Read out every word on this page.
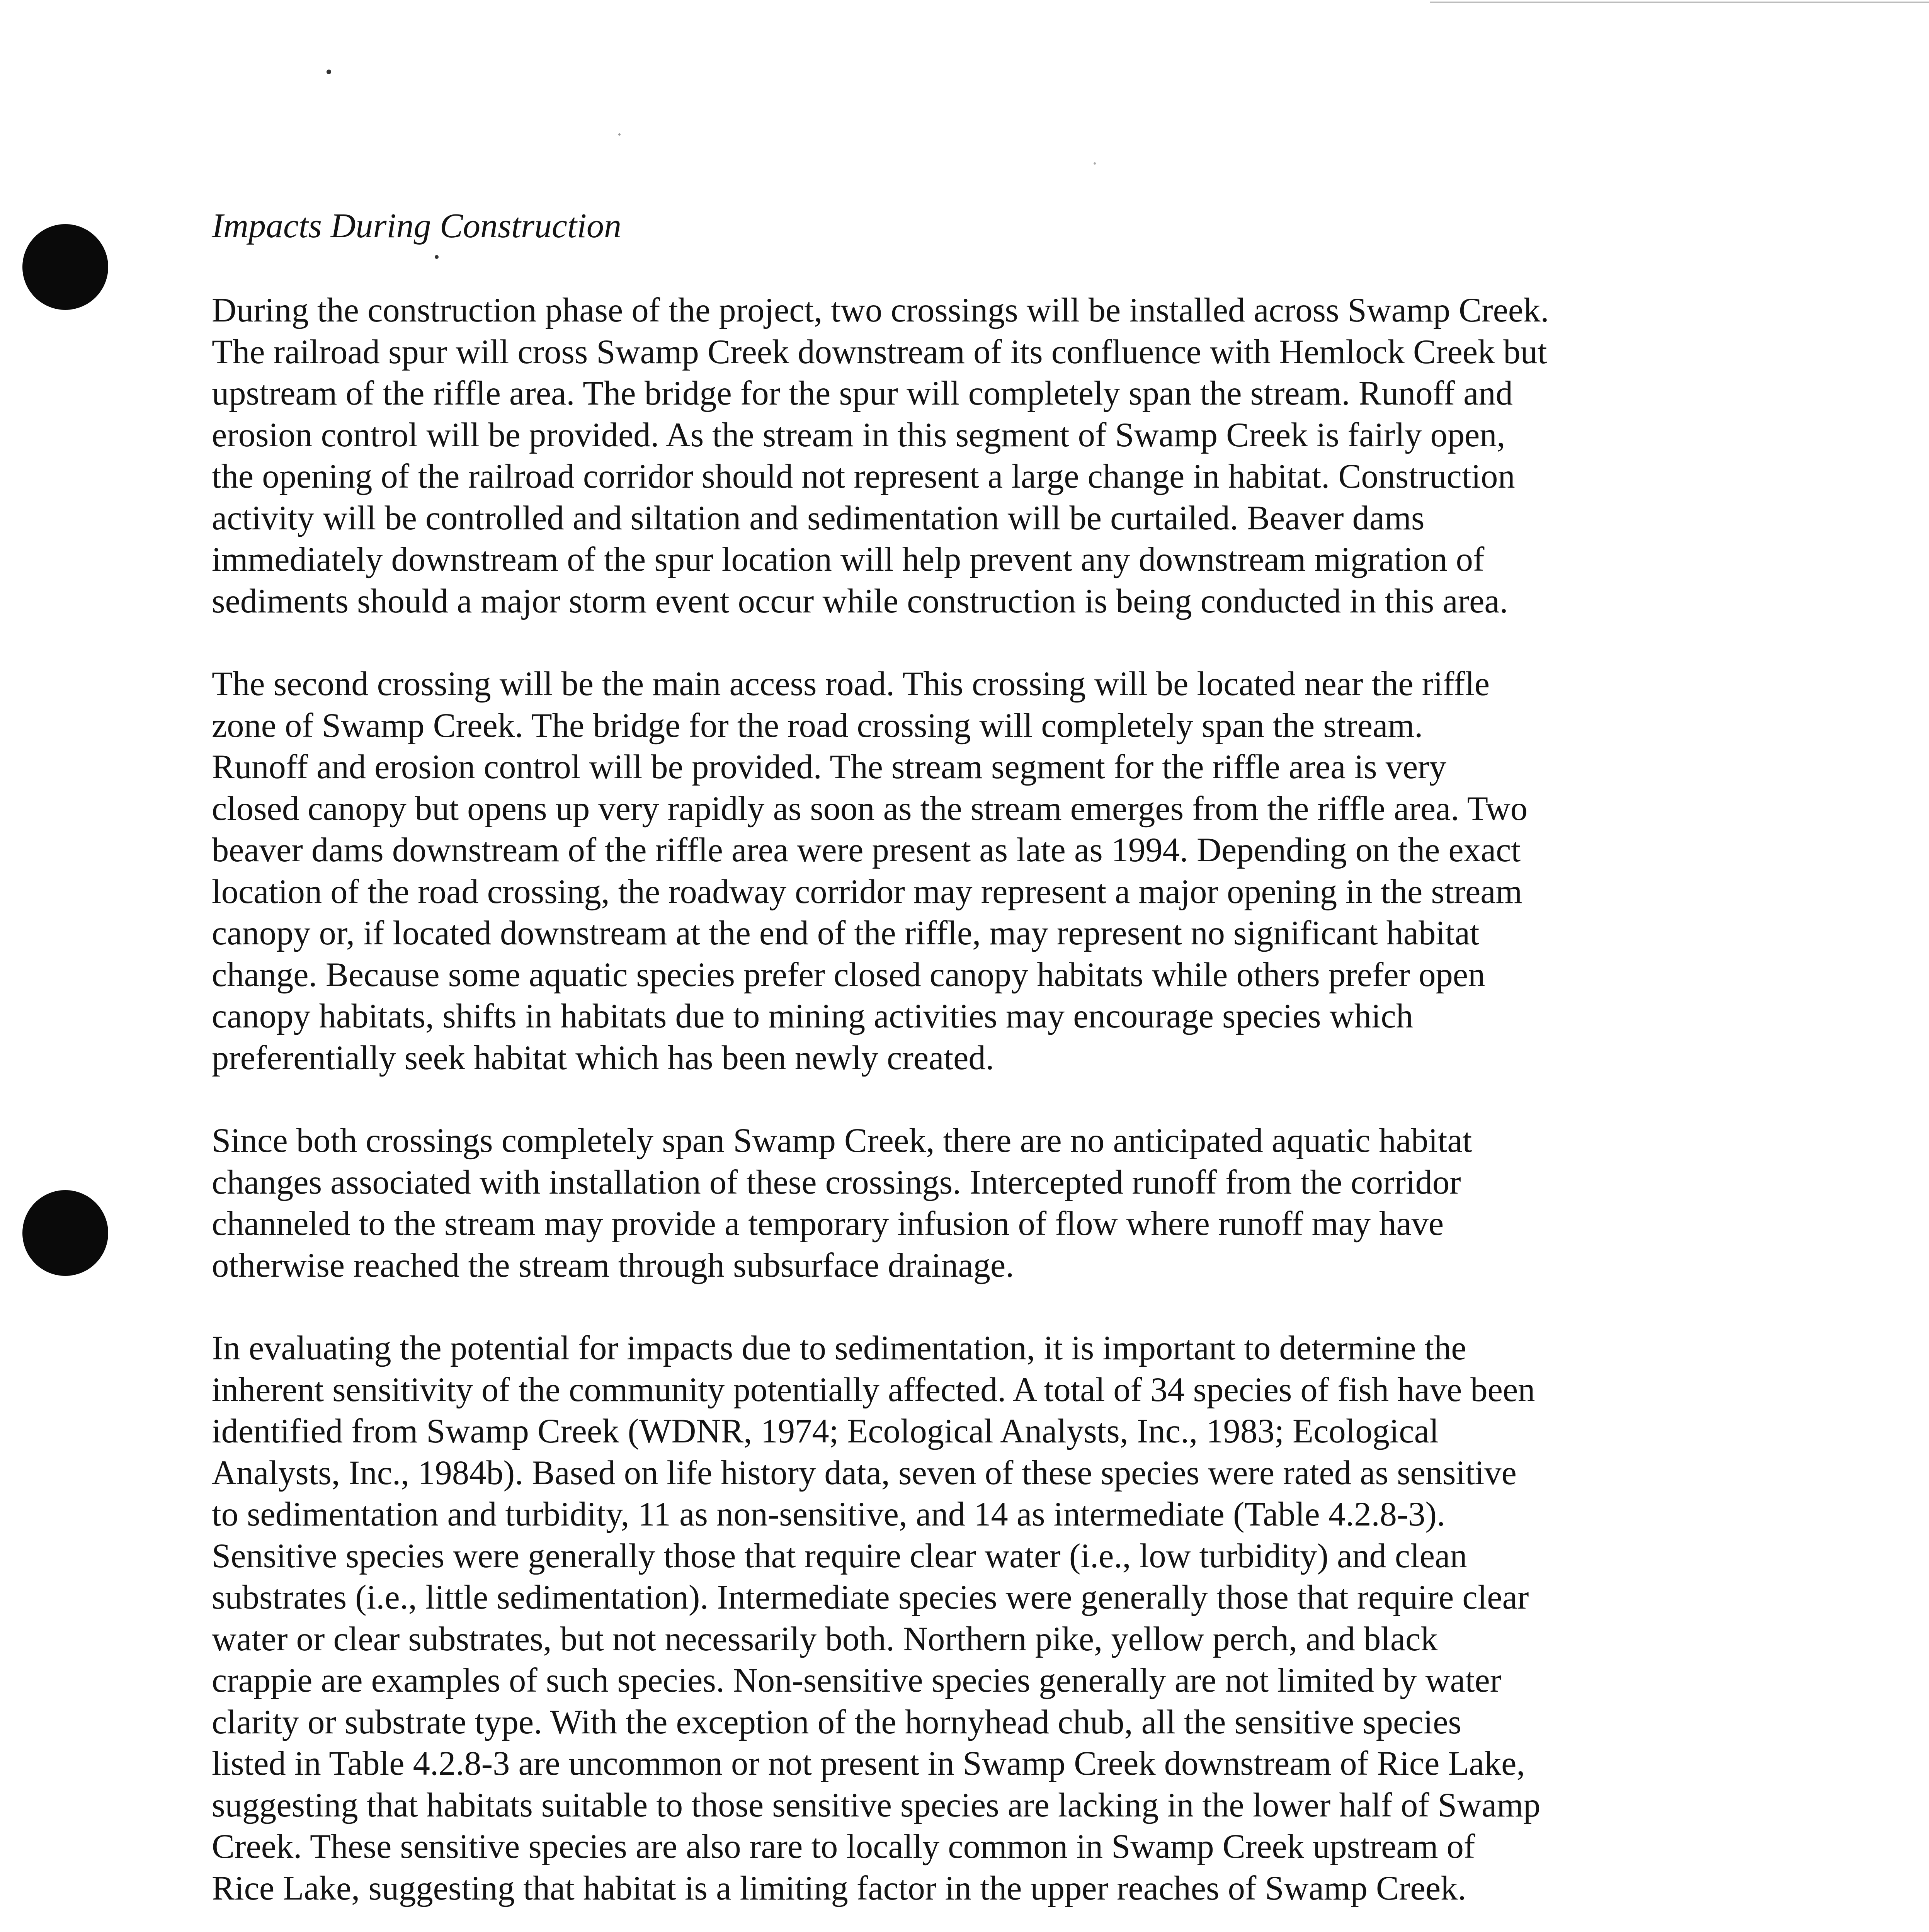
Impacts During Construction

During the construction phase of the project, two crossings will be installed across Swamp Creek.
The railroad spur will cross Swamp Creek downstream of its confluence with Hemlock Creek but
upstream of the riffle area. The bridge for the spur will completely span the stream. Runoff and
erosion control will be provided. As the stream in this segment of Swamp Creek is fairly open,
the opening of the railroad corridor should not represent a large change in habitat. Construction
activity will be controlled and siltation and sedimentation will be curtailed. Beaver dams
immediately downstream of the spur location will help prevent any downstream migration of
sediments should a major storm event occur while construction is being conducted in this area.

The second crossing will be the main access road. This crossing will be located near the riffle
zone of Swamp Creek. The bridge for the road crossing will completely span the stream.
Runoff and erosion control will be provided. The stream segment for the riffle area is very
closed canopy but opens up very rapidly as soon as the stream emerges from the riffle area. Two
beaver dams downstream of the riffle area were present as late as 1994. Depending on the exact
location of the road crossing, the roadway corridor may represent a major opening in the stream
canopy or, if located downstream at the end of the riffle, may represent no significant habitat
change. Because some aquatic species prefer closed canopy habitats while others prefer open
canopy habitats, shifts in habitats due to mining activities may encourage species which
preferentially seek habitat which has been newly created.

Since both crossings completely span Swamp Creek, there are no anticipated aquatic habitat
changes associated with installation of these crossings. Intercepted runoff from the corridor
channeled to the stream may provide a temporary infusion of flow where runoff may have
otherwise reached the stream through subsurface drainage.

In evaluating the potential for impacts due to sedimentation, it is important to determine the
inherent sensitivity of the community potentially affected. A total of 34 species of fish have been
identified from Swamp Creek (WDNR, 1974; Ecological Analysts, Inc., 1983; Ecological
Analysts, Inc., 1984b). Based on life history data, seven of these species were rated as sensitive
to sedimentation and turbidity, 11 as non-sensitive, and 14 as intermediate (Table 4.2.8-3).
Sensitive species were generally those that require clear water (i.e., low turbidity) and clean
substrates (i.e., little sedimentation). Intermediate species were generally those that require clear
water or clear substrates, but not necessarily both. Northern pike, yellow perch, and black
crappie are examples of such species. Non-sensitive species generally are not limited by water
clarity or substrate type. With the exception of the hornyhead chub, all the sensitive species
listed in Table 4.2.8-3 are uncommon or not present in Swamp Creek downstream of Rice Lake,
suggesting that habitats suitable to those sensitive species are lacking in the lower half of Swamp
Creek. These sensitive species are also rare to locally common in Swamp Creek upstream of
Rice Lake, suggesting that habitat is a limiting factor in the upper reaches of Swamp Creek.
